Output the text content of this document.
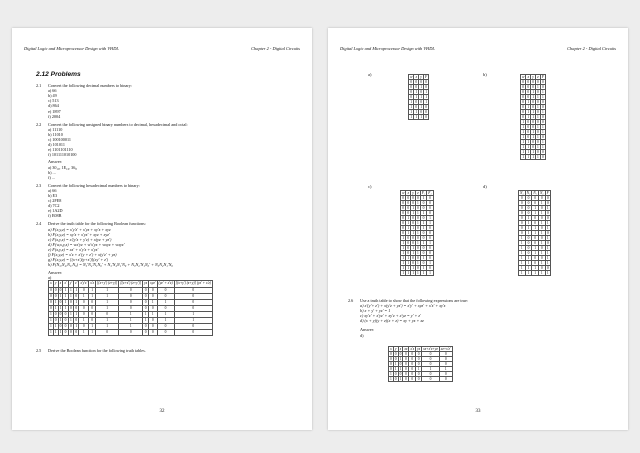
Digital Logic and Microprocessor Design with VHDL	Chapter 2 - Digital Circuits
2.12 Problems
2.1	Convert the following decimal numbers to binary:
a) 66
b) 49
c) 513
d) 864
e) 1897
f) 2004
2.2	Convert the following unsigned binary numbers to decimal, hexadecimal and octal:
a) 11110
b) 11010
c) 100100011
d) 101011
e) 1101101110
f) 101111010100
Answer:
a) 30₁₀, 1E₁₆, 36₈
b) ...
f) ...
2.3	Convert the following hexadecimal numbers to binary:
a) 66
b) E3
c) 2FE8
d) 7C2
e) 1A2D
f) E08B
2.4	Derive the truth table for the following Boolean functions:
a) F(x,y,z) = x'y'z' + x'yz + xy'z + xyz
b) F(x,y,z) = xy'z + x'yz' + xyz + xyz'
c) F(x,y,z) = x'(y'z + y'z) + x(yz + yz')
d) F(w,x,y,z) = wx'yz + w'x'yz + wxyz + wxyz'
e) F(x,y,z) = xz' + x'y'z + x'yz'
f) F(x,y,z) = x'z + x'(y + z') + x(y'z' + yz)
g) F(x,y,z) = [(x+z')(y+z')](xy' + z')
h) F(N₃,N₂,N₁,N₀) = N₃'N₂'N₁N₀' + N₃'N₂N₁'N₀ + N₃N₂'N₁N₀' + N₃N₂N₁'N₀
Answer:
a)
x	y	z	x'	y'	z'	x'y'z'	x'z	[(x+y') (z+y)]	[(x+z') (z+y')]	yz	xyz'	(yz' + x'z)	[(x+y') (z+y)] (yz' + x'z)
0	0	0	1	1	1	0	1	1	0	0	0	0	0
0	0	1	1	1	0	1	1	1	0	0	0	0	0
0	1	0	1	0	1	0	0	1	0	0	1	1	0
0	1	1	1	0	0	0	0	1	0	0	0	0	0
1	0	0	0	1	1	0	0	0	1	1	1	1	1
1	0	1	0	1	0	1	0	1	1	1	0	1	1
1	1	0	0	0	1	0	1	1	1	0	0	0	0
1	1	1	0	0	0	1	1	0	0	0	0	0	0
2.5	Derive the Boolean function for the following truth tables.
32
Digital Logic and Microprocessor Design with VHDL	Chapter 2 - Digital Circuits
a)	w	x	y	F
0	0	0	0
0	0	1	0
0	1	0	1
0	1	1	1
1	0	0	1
1	0	1	0
1	1	0	0
1	1	1	0
b)	w	x	y	z	F
0	0	0	0	0
0	0	0	1	0
0	0	1	0	1
0	0	1	1	1
0	1	0	0	0
0	1	0	1	0
0	1	1	0	1
0	1	1	1	0
1	0	0	0	0
1	0	0	1	1
1	0	1	0	1
1	0	1	1	0
1	1	0	0	1
1	1	0	1	1
1	1	1	0	0
1	1	1	1	0
c)
w	x	y	z	F₁	F₂
0	0	0	0	1	0
0	0	0	1	0	0
0	0	1	0	0	0
0	0	1	1	1	0
0	1	0	0	0	1
0	1	0	1	1	1
0	1	1	0	1	0
0	1	1	1	0	0
1	0	0	0	0	0
1	0	0	1	1	1
1	0	1	0	0	0
1	0	1	1	0	0
1	1	0	0	1	0
1	1	0	1	0	1
1	1	1	0	1	0
1	1	1	1	1	1
d)
N₃	N₂	N₁	N₀	F
0	0	0	0	0
0	0	0	1	0
0	0	1	0	1
0	0	1	1	0
0	1	0	0	0
0	1	0	1	1
0	1	1	0	1
0	1	1	1	0
1	0	0	0	1
1	0	0	1	0
1	0	1	0	1
1	0	1	1	1
1	1	0	0	1
1	1	0	1	1
1	1	1	0	0
1	1	1	1	1
2.6	Use a truth table to show that the following expressions are true:
a) x'(y'+ z') + x(y'z + yz') = x'y' + xyz' + x'z' + xy'z
b) x + y' + yz' = 1
c) xy'z' + x'yz' + xy'z + x'yz = y' + z'
d) (x + y)(y + z)(x + z) = xy + yz + xz
Answer:
d)
x	y	z	xz	x'z	yz	xz+x'z+yz	xz+x'z'
0	0	0	0	0	0	0	0
0	0	1	0	0	0	0	0
0	1	0	0	0	0	0	0
0	1	1	0	0	1	1	1
1	0	0	0	0	0	0	0
1	0	1	0	0	0	0	0
33
